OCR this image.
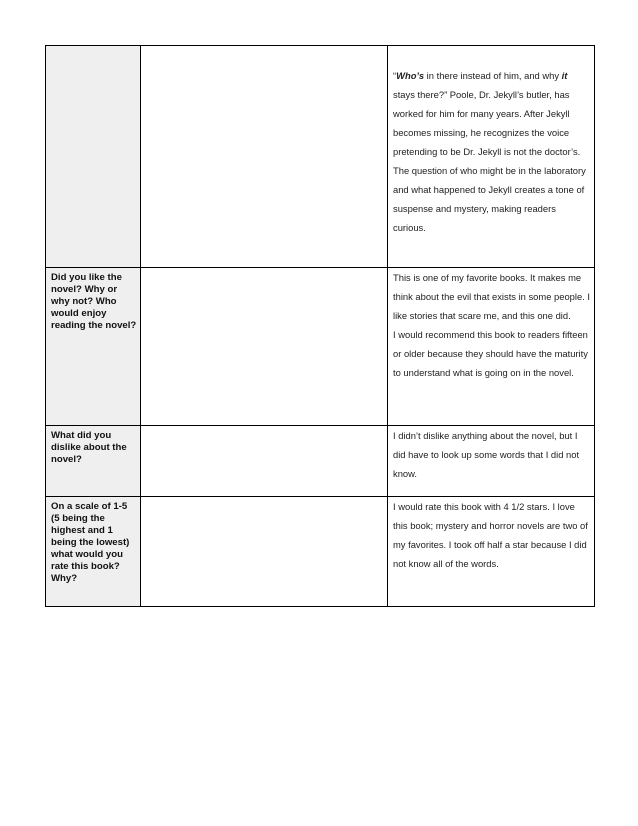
		“Who’s in there instead of him, and why it stays there?” Poole, Dr. Jekyll’s butler, has worked for him for many years. After Jekyll becomes missing, he recognizes the voice pretending to be Dr. Jekyll is not the doctor’s. The question of who might be in the laboratory and what happened to Jekyll creates a tone of suspense and mystery, making readers curious.

Did you like the novel? Why or why not? Who would enjoy reading the novel?		This is one of my favorite books. It makes me think about the evil that exists in some people. I like stories that scare me, and this one did.

I would recommend this book to readers fifteen or older because they should have the maturity to understand what is going on in the novel.

What did you dislike about the novel?		I didn’t dislike anything about the novel, but I did have to look up some words that I did not know.

On a scale of 1-5 (5 being the highest and 1 being the lowest) what would you rate this book? Why?		I would rate this book with 4 1/2 stars. I love this book; mystery and horror novels are two of my favorites. I took off half a star because I did not know all of the words.
